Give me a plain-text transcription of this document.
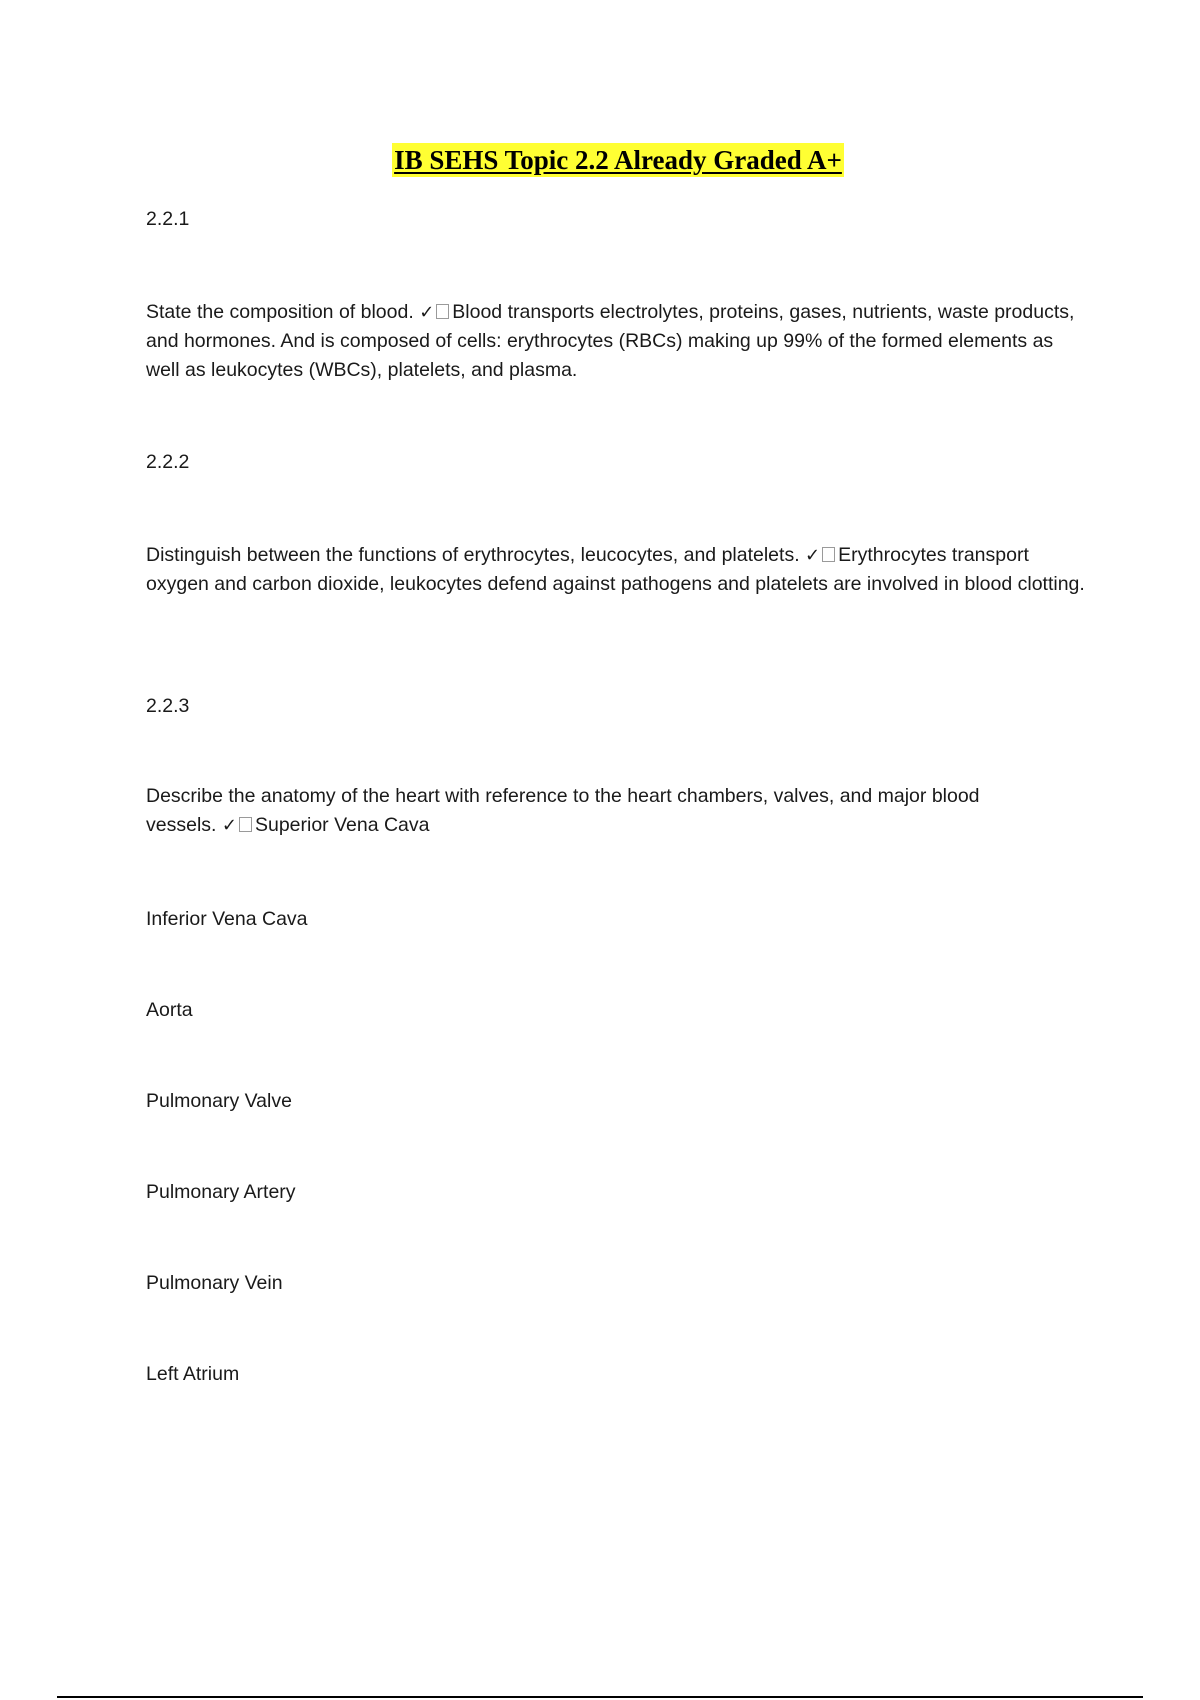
IB SEHS Topic 2.2 Already Graded A+
2.2.1
State the composition of blood. ✓ Blood transports electrolytes, proteins, gases, nutrients, waste products, and hormones. And is composed of cells: erythrocytes (RBCs) making up 99% of the formed elements as well as leukocytes (WBCs), platelets, and plasma.
2.2.2
Distinguish between the functions of erythrocytes, leucocytes, and platelets. ✓ Erythrocytes transport oxygen and carbon dioxide, leukocytes defend against pathogens and platelets are involved in blood clotting.
2.2.3
Describe the anatomy of the heart with reference to the heart chambers, valves, and major blood vessels. ✓ Superior Vena Cava
Inferior Vena Cava
Aorta
Pulmonary Valve
Pulmonary Artery
Pulmonary Vein
Left Atrium
